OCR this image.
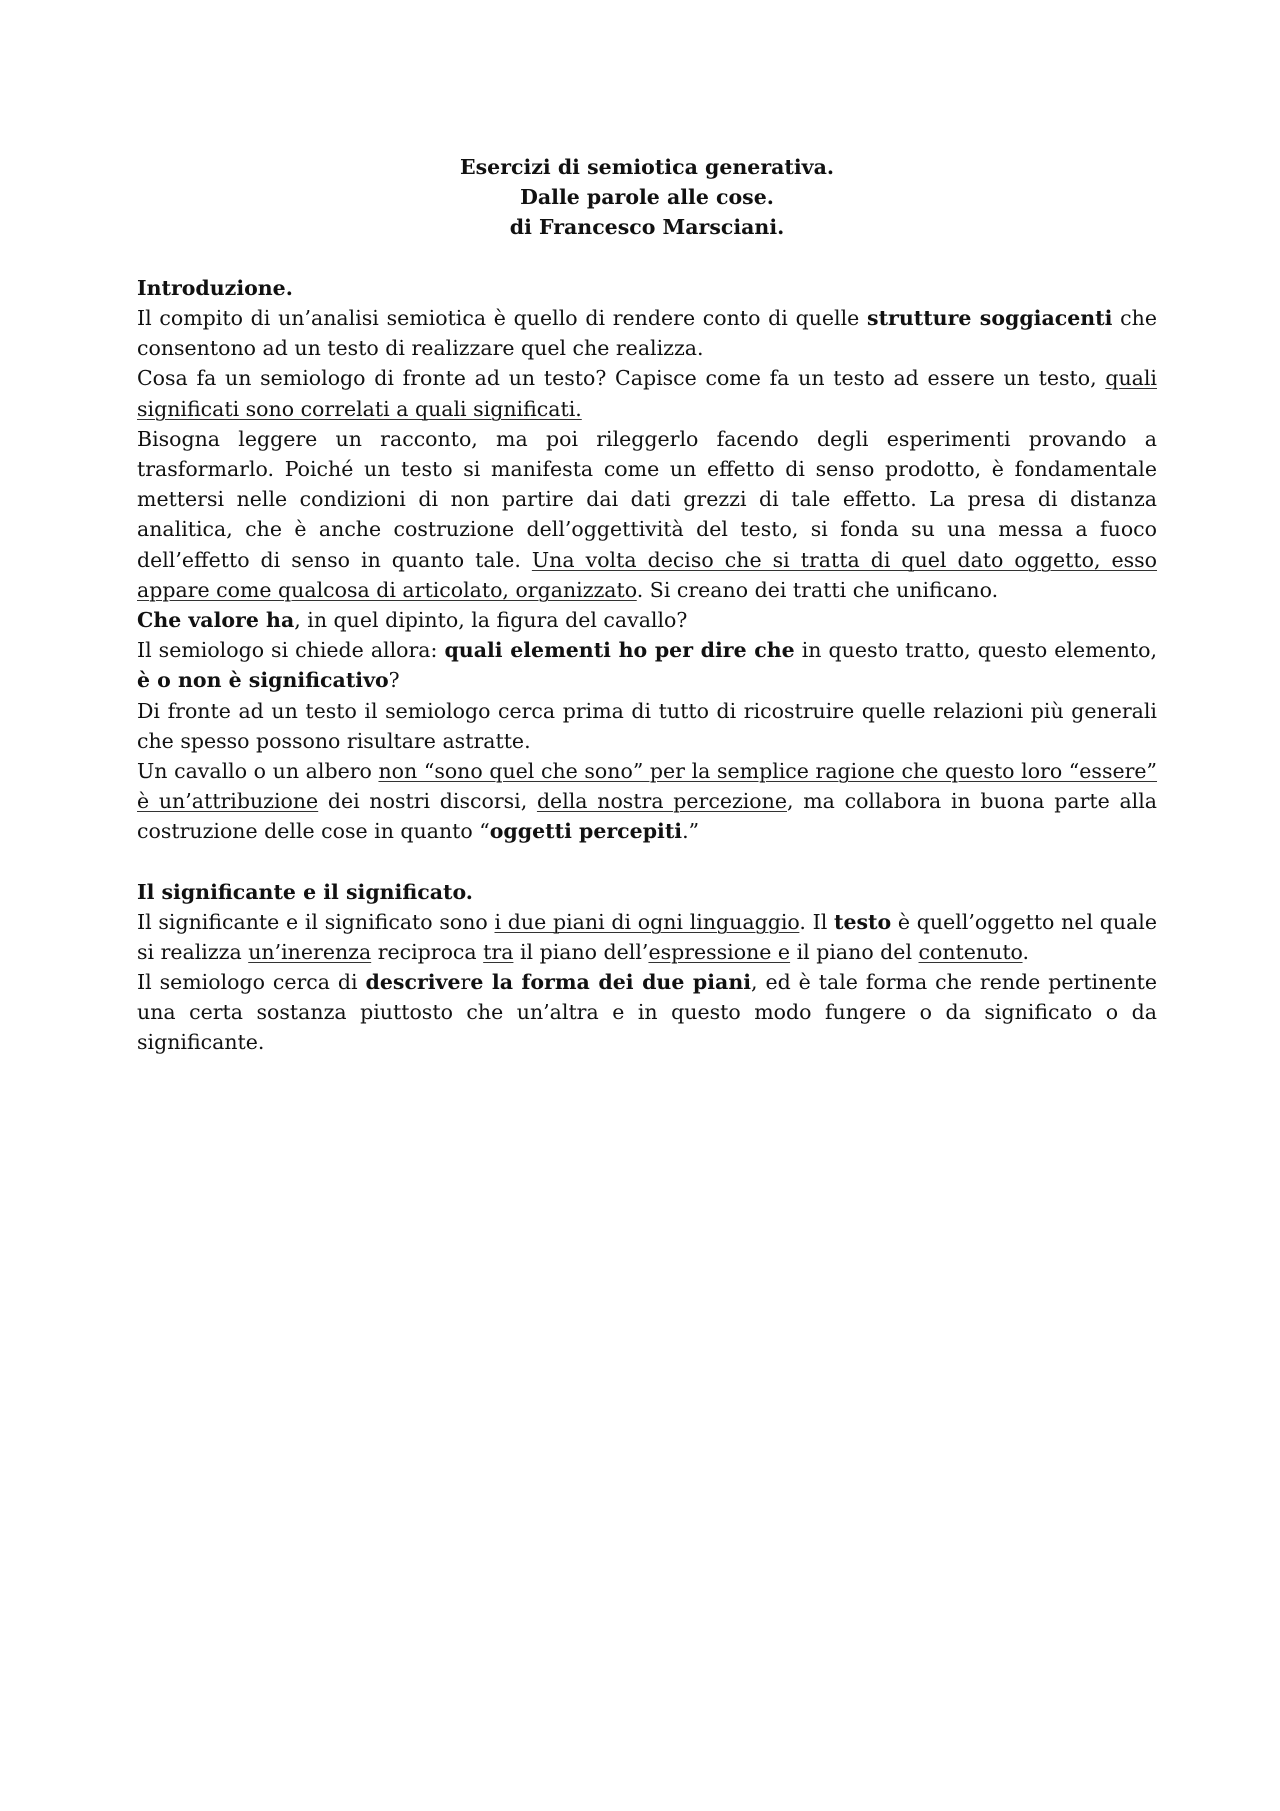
Esercizi di semiotica generativa.
Dalle parole alle cose.
di Francesco Marsciani.
Introduzione.

Il compito di un’analisi semiotica è quello di rendere conto di quelle strutture soggiacenti che consentono ad un testo di realizzare quel che realizza.

Cosa fa un semiologo di fronte ad un testo? Capisce come fa un testo ad essere un testo, quali significati sono correlati a quali significati.

Bisogna leggere un racconto, ma poi rileggerlo facendo degli esperimenti provando a trasformarlo. Poiché un testo si manifesta come un effetto di senso prodotto, è fondamentale mettersi nelle condizioni di non partire dai dati grezzi di tale effetto. La presa di distanza analitica, che è anche costruzione dell’oggettività del testo, si fonda su una messa a fuoco dell’effetto di senso in quanto tale. Una volta deciso che si tratta di quel dato oggetto, esso appare come qualcosa di articolato, organizzato. Si creano dei tratti che unificano.

Che valore ha, in quel dipinto, la figura del cavallo?

Il semiologo si chiede allora: quali elementi ho per dire che in questo tratto, questo elemento, è o non è significativo?

Di fronte ad un testo il semiologo cerca prima di tutto di ricostruire quelle relazioni più generali che spesso possono risultare astratte.

Un cavallo o un albero non “sono quel che sono” per la semplice ragione che questo loro “essere” è un’attribuzione dei nostri discorsi, della nostra percezione, ma collabora in buona parte alla costruzione delle cose in quanto “oggetti percepiti.”

Il significante e il significato.

Il significante e il significato sono i due piani di ogni linguaggio. Il testo è quell’oggetto nel quale si realizza un’inerenza reciproca tra il piano dell’espressione e il piano del contenuto.

Il semiologo cerca di descrivere la forma dei due piani, ed è tale forma che rende pertinente una certa sostanza piuttosto che un’altra e in questo modo fungere o da significato o da significante.
